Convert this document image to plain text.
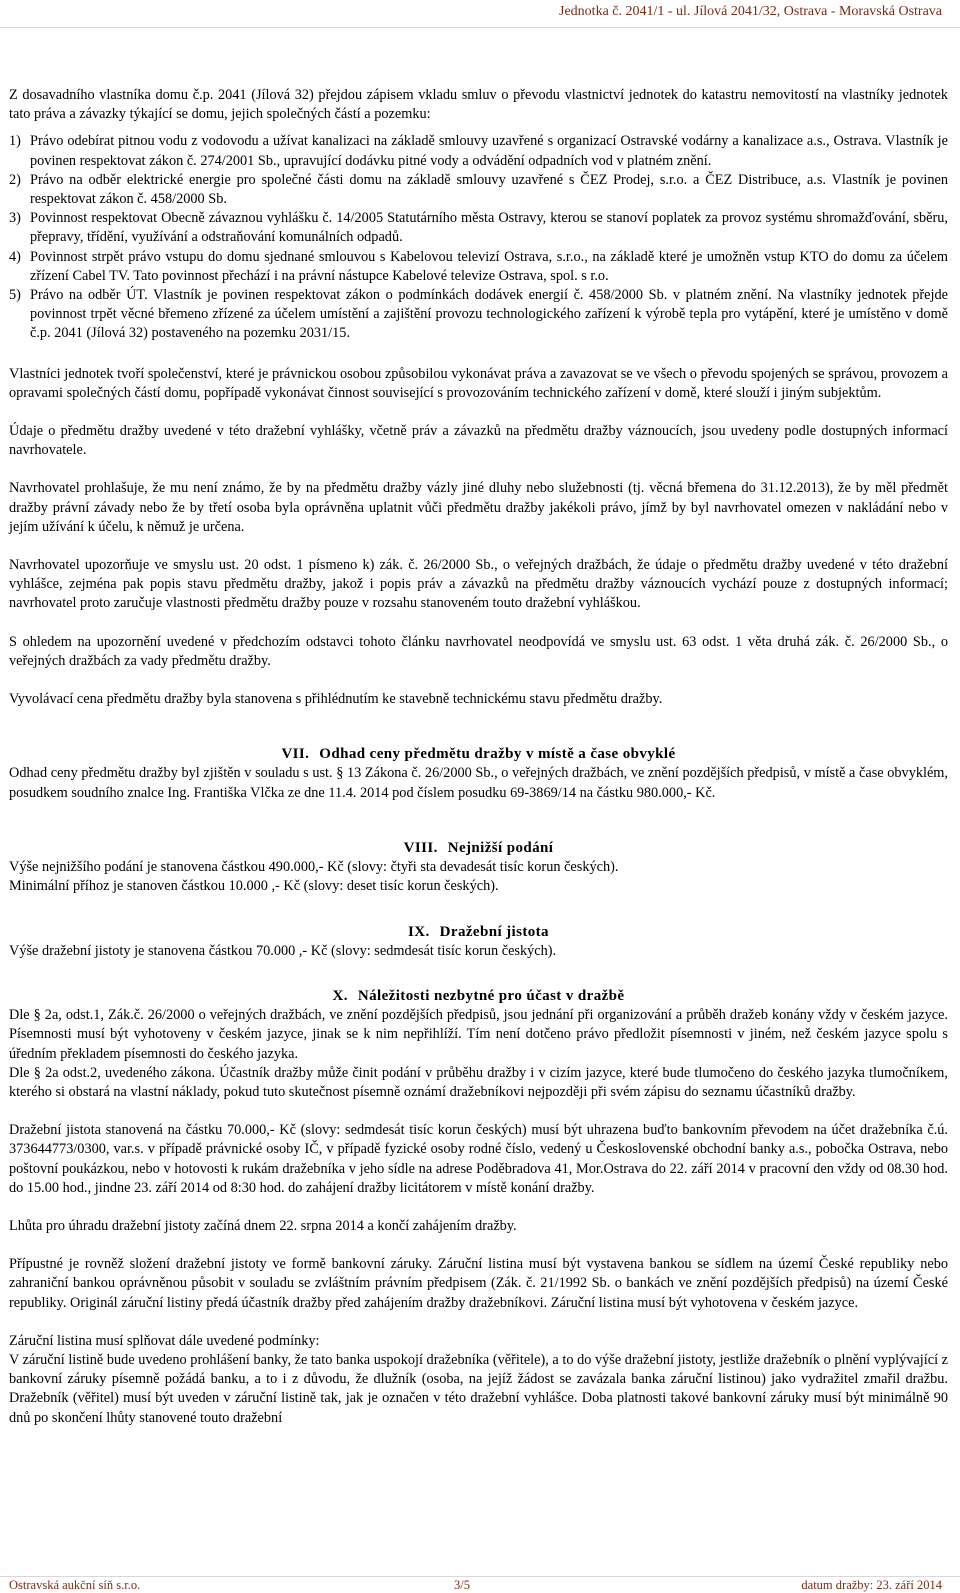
Jednotka č. 2041/1 - ul. Jílová 2041/32, Ostrava - Moravská Ostrava

Z dosavadního vlastníka domu č.p. 2041 (Jílová 32) přejdou zápisem vkladu smluv o převodu vlastnictví jednotek do katastru nemovitostí na vlastníky jednotek tato práva a závazky týkající se domu, jejich společných částí a pozemku:

1) Právo odebírat pitnou vodu z vodovodu a užívat kanalizaci na základě smlouvy uzavřené s organizací Ostravské vodárny a kanalizace a.s., Ostrava. Vlastník je povinen respektovat zákon č. 274/2001 Sb., upravující dodávku pitné vody a odvádění odpadních vod v platném znění.
2) Právo na odběr elektrické energie pro společné části domu na základě smlouvy uzavřené s ČEZ Prodej, s.r.o. a ČEZ Distribuce, a.s. Vlastník je povinen respektovat zákon č. 458/2000 Sb.
3) Povinnost respektovat Obecně závaznou vyhlášku č. 14/2005 Statutárního města Ostravy, kterou se stanoví poplatek za provoz systému shromažďování, sběru, přepravy, třídění, využívání a odstraňování komunálních odpadů.
4) Povinnost strpět právo vstupu do domu sjednané smlouvou s Kabelovou televizí Ostrava, s.r.o., na základě které je umožněn vstup KTO do domu za účelem zřízení Cabel TV. Tato povinnost přechází i na právní nástupce Kabelové televize Ostrava, spol. s r.o.
5) Právo na odběr ÚT. Vlastník je povinen respektovat zákon o podmínkách dodávek energií č. 458/2000 Sb. v platném znění. Na vlastníky jednotek přejde povinnost trpět věcné břemeno zřízené za účelem umístění a zajištění provozu technologického zařízení k výrobě tepla pro vytápění, které je umístěno v domě č.p. 2041 (Jílová 32) postaveného na pozemku 2031/15.

Vlastníci jednotek tvoří společenství, které je právnickou osobou způsobilou vykonávat práva a zavazovat se ve všech o převodu spojených se správou, provozem a opravami společných částí domu, popřípadě vykonávat činnost související s provozováním technického zařízení v domě, které slouží i jiným subjektům.

Údaje o předmětu dražby uvedené v této dražební vyhlášky, včetně práv a závazků na předmětu dražby váznoucích, jsou uvedeny podle dostupných informací navrhovatele.

Navrhovatel prohlašuje, že mu není známo, že by na předmětu dražby vázly jiné dluhy nebo služebnosti (tj. věcná břemena do 31.12.2013), že by měl předmět dražby právní závady nebo že by třetí osoba byla oprávněna uplatnit vůči předmětu dražby jakékoli právo, jímž by byl navrhovatel omezen v nakládání nebo v jejím užívání k účelu, k němuž je určena.

Navrhovatel upozorňuje ve smyslu ust. 20 odst. 1 písmeno k) zák. č. 26/2000 Sb., o veřejných dražbách, že údaje o předmětu dražby uvedené v této dražební vyhlášce, zejména pak popis stavu předmětu dražby, jakož i popis práv a závazků na předmětu dražby váznoucích vychází pouze z dostupných informací; navrhovatel proto zaručuje vlastnosti předmětu dražby pouze v rozsahu stanoveném touto dražební vyhláškou.

S ohledem na upozornění uvedené v předchozím odstavci tohoto článku navrhovatel neodpovídá ve smyslu ust. 63 odst. 1 věta druhá zák. č. 26/2000 Sb., o veřejných dražbách za vady předmětu dražby.

Vyvolávací cena předmětu dražby byla stanovena s přihlédnutím ke stavebně technickému stavu předmětu dražby.

VII. Odhad ceny předmětu dražby v místě a čase obvyklé

Odhad ceny předmětu dražby byl zjištěn v souladu s ust. § 13 Zákona č. 26/2000 Sb., o veřejných dražbách, ve znění pozdějších předpisů, v místě a čase obvyklém, posudkem soudního znalce Ing. Františka Vlčka ze dne 11.4. 2014 pod číslem posudku 69-3869/14 na částku 980.000,- Kč.

VIII. Nejnižší podání

Výše nejnižšího podání je stanovena částkou 490.000,- Kč (slovy: čtyři sta devadesát tisíc korun českých).

Minimální příhoz je stanoven částkou 10.000 ,- Kč (slovy: deset tisíc korun českých).

IX. Dražební jistota

Výše dražební jistoty je stanovena částkou 70.000 ,- Kč (slovy: sedmdesát tisíc korun českých).

X. Náležitosti nezbytné pro účast v dražbě

Dle § 2a, odst.1, Zák.č. 26/2000 o veřejných dražbách, ve znění pozdějších předpisů, jsou jednání při organizování a průběh dražeb konány vždy v českém jazyce. Písemnosti musí být vyhotoveny v českém jazyce, jinak se k nim nepřihlíží. Tím není dotčeno právo předložit písemnosti v jiném, než českém jazyce spolu s úředním překladem písemnosti do českého jazyka.

Dle § 2a odst.2, uvedeného zákona. Účastník dražby může činit podání v průběhu dražby i v cizím jazyce, které bude tlumočeno do českého jazyka tlumočníkem, kterého si obstará na vlastní náklady, pokud tuto skutečnost písemně oznámí dražebníkovi nejpozději při svém zápisu do seznamu účastníků dražby.

Dražební jistota stanovená na částku 70.000,- Kč (slovy: sedmdesát tisíc korun českých) musí být uhrazena buďto bankovním převodem na účet dražebníka č.ú. 373644773/0300, var.s. v případě právnické osoby IČ, v případě fyzické osoby rodné číslo, vedený u Československé obchodní banky a.s., pobočka Ostrava, nebo poštovní poukázkou, nebo v hotovosti k rukám dražebníka v jeho sídle na adrese Poděbradova 41, Mor.Ostrava do 22. září 2014 v pracovní den vždy od 08.30 hod. do 15.00 hod., jindne 23. září 2014 od 8:30 hod. do zahájení dražby licitátorem v místě konání dražby.

Lhůta pro úhradu dražební jistoty začíná dnem 22. srpna 2014 a končí zahájením dražby.

Přípustné je rovněž složení dražební jistoty ve formě bankovní záruky. Záruční listina musí být vystavena bankou se sídlem na území České republiky nebo zahraniční bankou oprávněnou působit v souladu se zvláštním právním předpisem (Zák. č. 21/1992 Sb. o bankách ve znění pozdějších předpisů) na území České republiky. Originál záruční listiny předá účastník dražby před zahájením dražby dražebníkovi. Záruční listina musí být vyhotovena v českém jazyce.

Záruční listina musí splňovat dále uvedené podmínky:
V záruční listině bude uvedeno prohlášení banky, že tato banka uspokojí dražebníka (věřitele), a to do výše dražební jistoty, jestliže dražebník o plnění vyplývající z bankovní záruky písemně požádá banku, a to i z důvodu, že dlužník (osoba, na jejíž žádost se zavázala banka záruční listinou) jako vydražitel zmařil dražbu. Dražebník (věřitel) musí být uveden v záruční listině tak, jak je označen v této dražební vyhlášce. Doba platnosti takové bankovní záruky musí být minimálně 90 dnů po skončení lhůty stanovené touto dražební

Ostravská aukční síň s.r.o.	3/5	datum dražby: 23. září 2014
